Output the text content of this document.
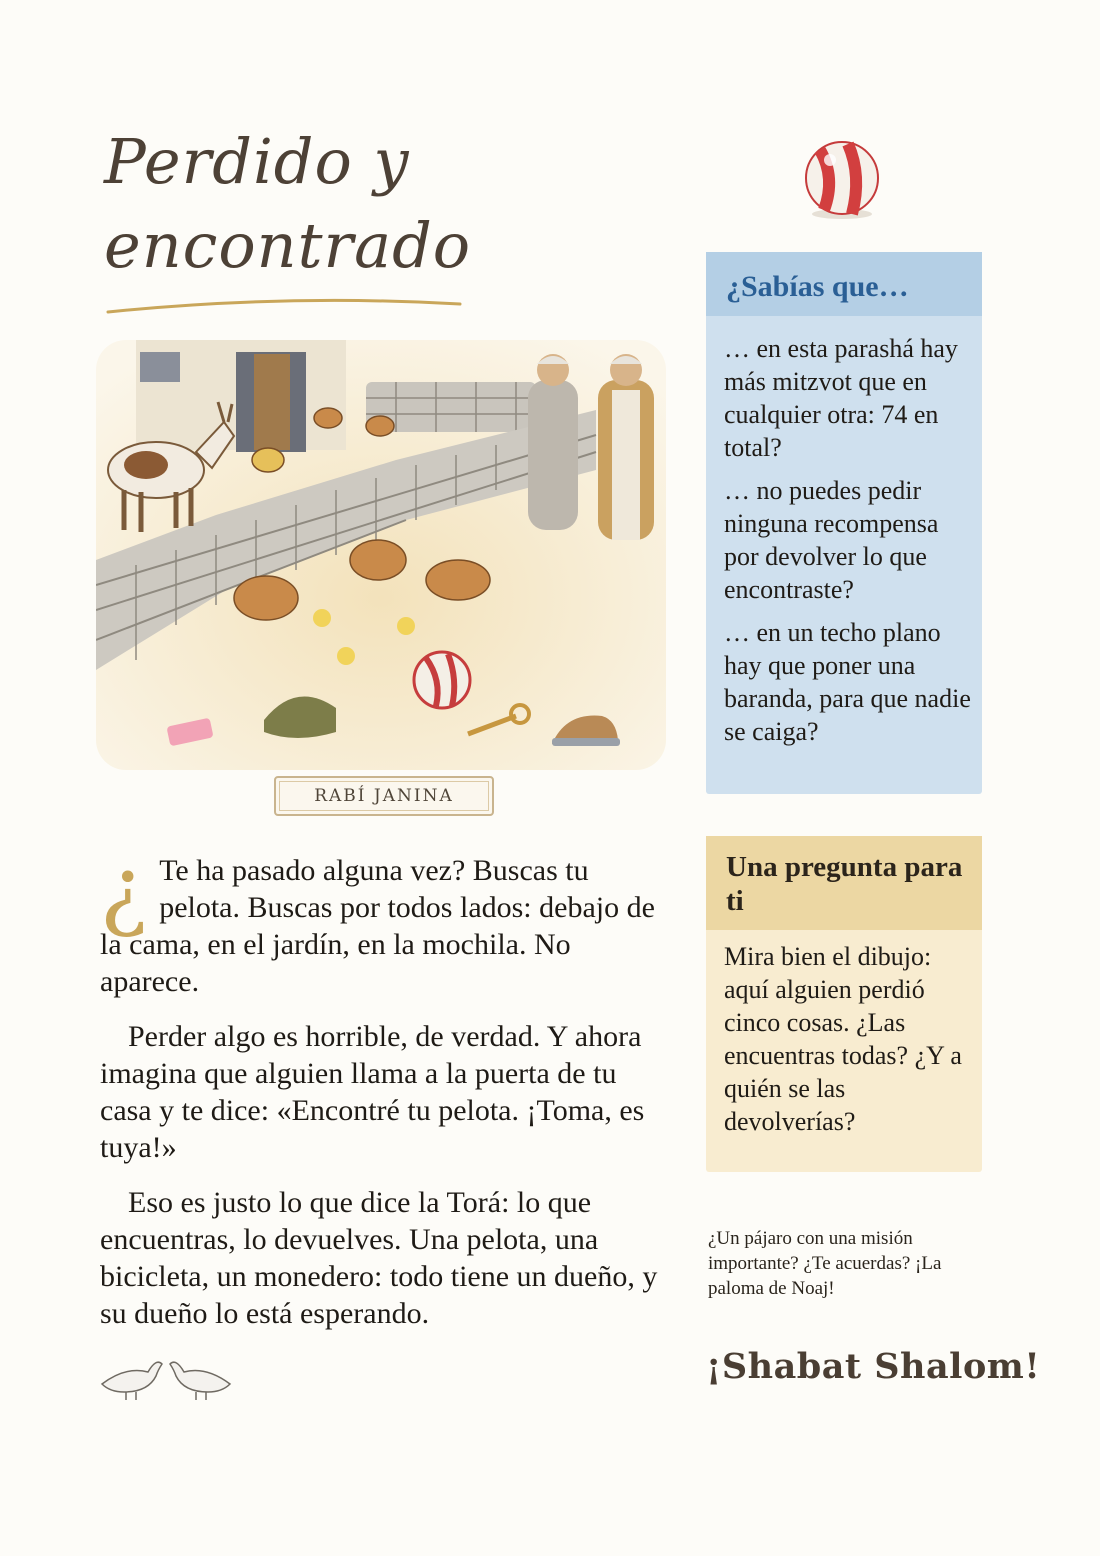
Perdido y
encontrado
RABÍ JANINA

¿ Te ha pasado alguna vez? Buscas tu pelota. Buscas por todos lados: debajo de la cama, en el jardín, en la mochila. No aparece.

Perder algo es horrible, de verdad. Y ahora imagina que alguien llama a la puerta de tu casa y te dice: «Encontré tu pelota. ¡Toma, es tuya!»

Eso es justo lo que dice la Torá: lo que encuentras, lo devuelves. Una pelota, una bicicleta, un monedero: todo tiene un dueño, y su dueño lo está esperando.

¿Sabías que…
… en esta parashá hay más mitzvot que en cualquier otra: 74 en total?
… no puedes pedir ninguna recompensa por devolver lo que encontraste?
… en un techo plano hay que poner una baranda, para que nadie se caiga?
Una pregunta para ti
Mira bien el dibujo: aquí alguien perdió cinco cosas. ¿Las encuentras todas? ¿Y a quién se las devolverías?
¿Un pájaro con una misión importante? ¿Te acuerdas? ¡La paloma de Noaj!
¡Shabat Shalom!
